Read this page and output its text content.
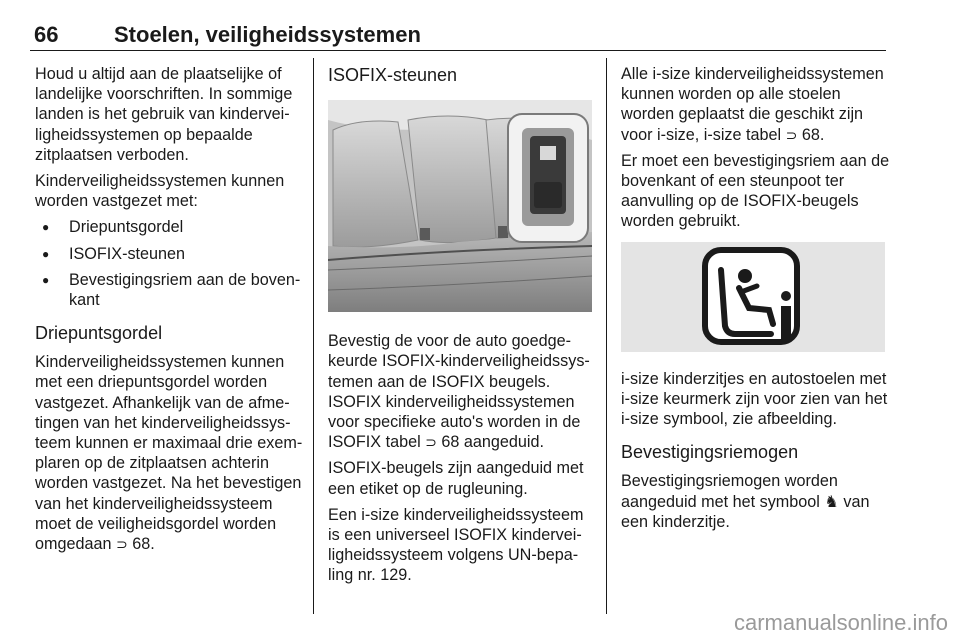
66	Stoelen, veiligheidssystemen

Houd u altijd aan de plaatselijke of
landelijke voorschriften. In sommige
landen is het gebruik van kindervei-
ligheidssystemen op bepaalde
zitplaatsen verboden.

Kinderveiligheidssystemen kunnen
worden vastgezet met:

● Driepuntsgordel
● ISOFIX-steunen
● Bevestigingsriem aan de boven-
kant
Driepuntsgordel

Kinderveiligheidssystemen kunnen
met een driepuntsgordel worden
vastgezet. Afhankelijk van de afme-
tingen van het kinderveiligheidssys-
teem kunnen er maximaal drie exem-
plaren op de zitplaatsen achterin
worden vastgezet. Na het bevestigen
van het kinderveiligheidssysteem
moet de veiligheidsgordel worden
omgedaan ⊃ 68.

ISOFIX-steunen

Bevestig de voor de auto goedge-
keurde ISOFIX-kinderveiligheidssys-
temen aan de ISOFIX beugels.
ISOFIX kinderveiligheidssystemen
voor specifieke auto's worden in de
ISOFIX tabel ⊃ 68 aangeduid.

ISOFIX-beugels zijn aangeduid met
een etiket op de rugleuning.

Een i-size kinderveiligheidssysteem
is een universeel ISOFIX kindervei-
ligheidssysteem volgens UN-bepa-
ling nr. 129.

Alle i-size kinderveiligheidssystemen
kunnen worden op alle stoelen
worden geplaatst die geschikt zijn
voor i-size, i-size tabel ⊃ 68.

Er moet een bevestigingsriem aan de
bovenkant of een steunpoot ter
aanvulling op de ISOFIX-beugels
worden gebruikt.

i-size kinderzitjes en autostoelen met
i-size keurmerk zijn voor zien van het
i-size symbool, zie afbeelding.

Bevestigingsriemogen

Bevestigingsriemogen worden
aangeduid met het symbool ♞ van
een kinderzitje.

carmanualsonline.info
